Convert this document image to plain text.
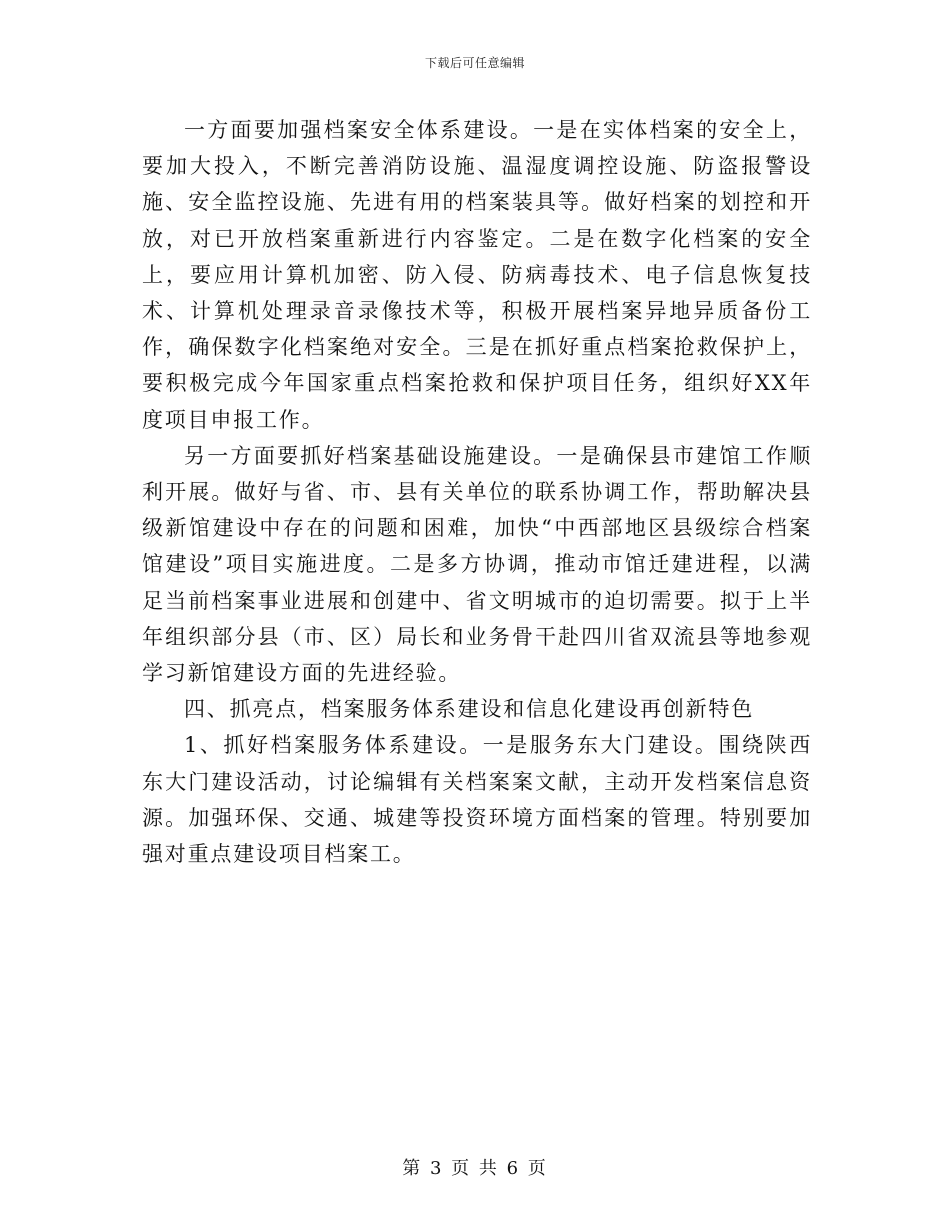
下载后可任意编辑

一方面要加强档案安全体系建设。一是在实体档案的安全上，要加大投入，不断完善消防设施、温湿度调控设施、防盗报警设施、安全监控设施、先进有用的档案装具等。做好档案的划控和开放，对已开放档案重新进行内容鉴定。二是在数字化档案的安全上，要应用计算机加密、防入侵、防病毒技术、电子信息恢复技术、计算机处理录音录像技术等，积极开展档案异地异质备份工作，确保数字化档案绝对安全。三是在抓好重点档案抢救保护上，要积极完成今年国家重点档案抢救和保护项目任务，组织好XX年度项目申报工作。

另一方面要抓好档案基础设施建设。一是确保县市建馆工作顺利开展。做好与省、市、县有关单位的联系协调工作，帮助解决县级新馆建设中存在的问题和困难，加快“中西部地区县级综合档案馆建设”项目实施进度。二是多方协调，推动市馆迁建进程，以满足当前档案事业进展和创建中、省文明城市的迫切需要。拟于上半年组织部分县（市、区）局长和业务骨干赴四川省双流县等地参观学习新馆建设方面的先进经验。

四、抓亮点，档案服务体系建设和信息化建设再创新特色

1、抓好档案服务体系建设。一是服务东大门建设。围绕陕西东大门建设活动，讨论编辑有关档案案文献，主动开发档案信息资源。加强环保、交通、城建等投资环境方面档案的管理。特别要加强对重点建设项目档案工。

第 3 页 共 6 页
